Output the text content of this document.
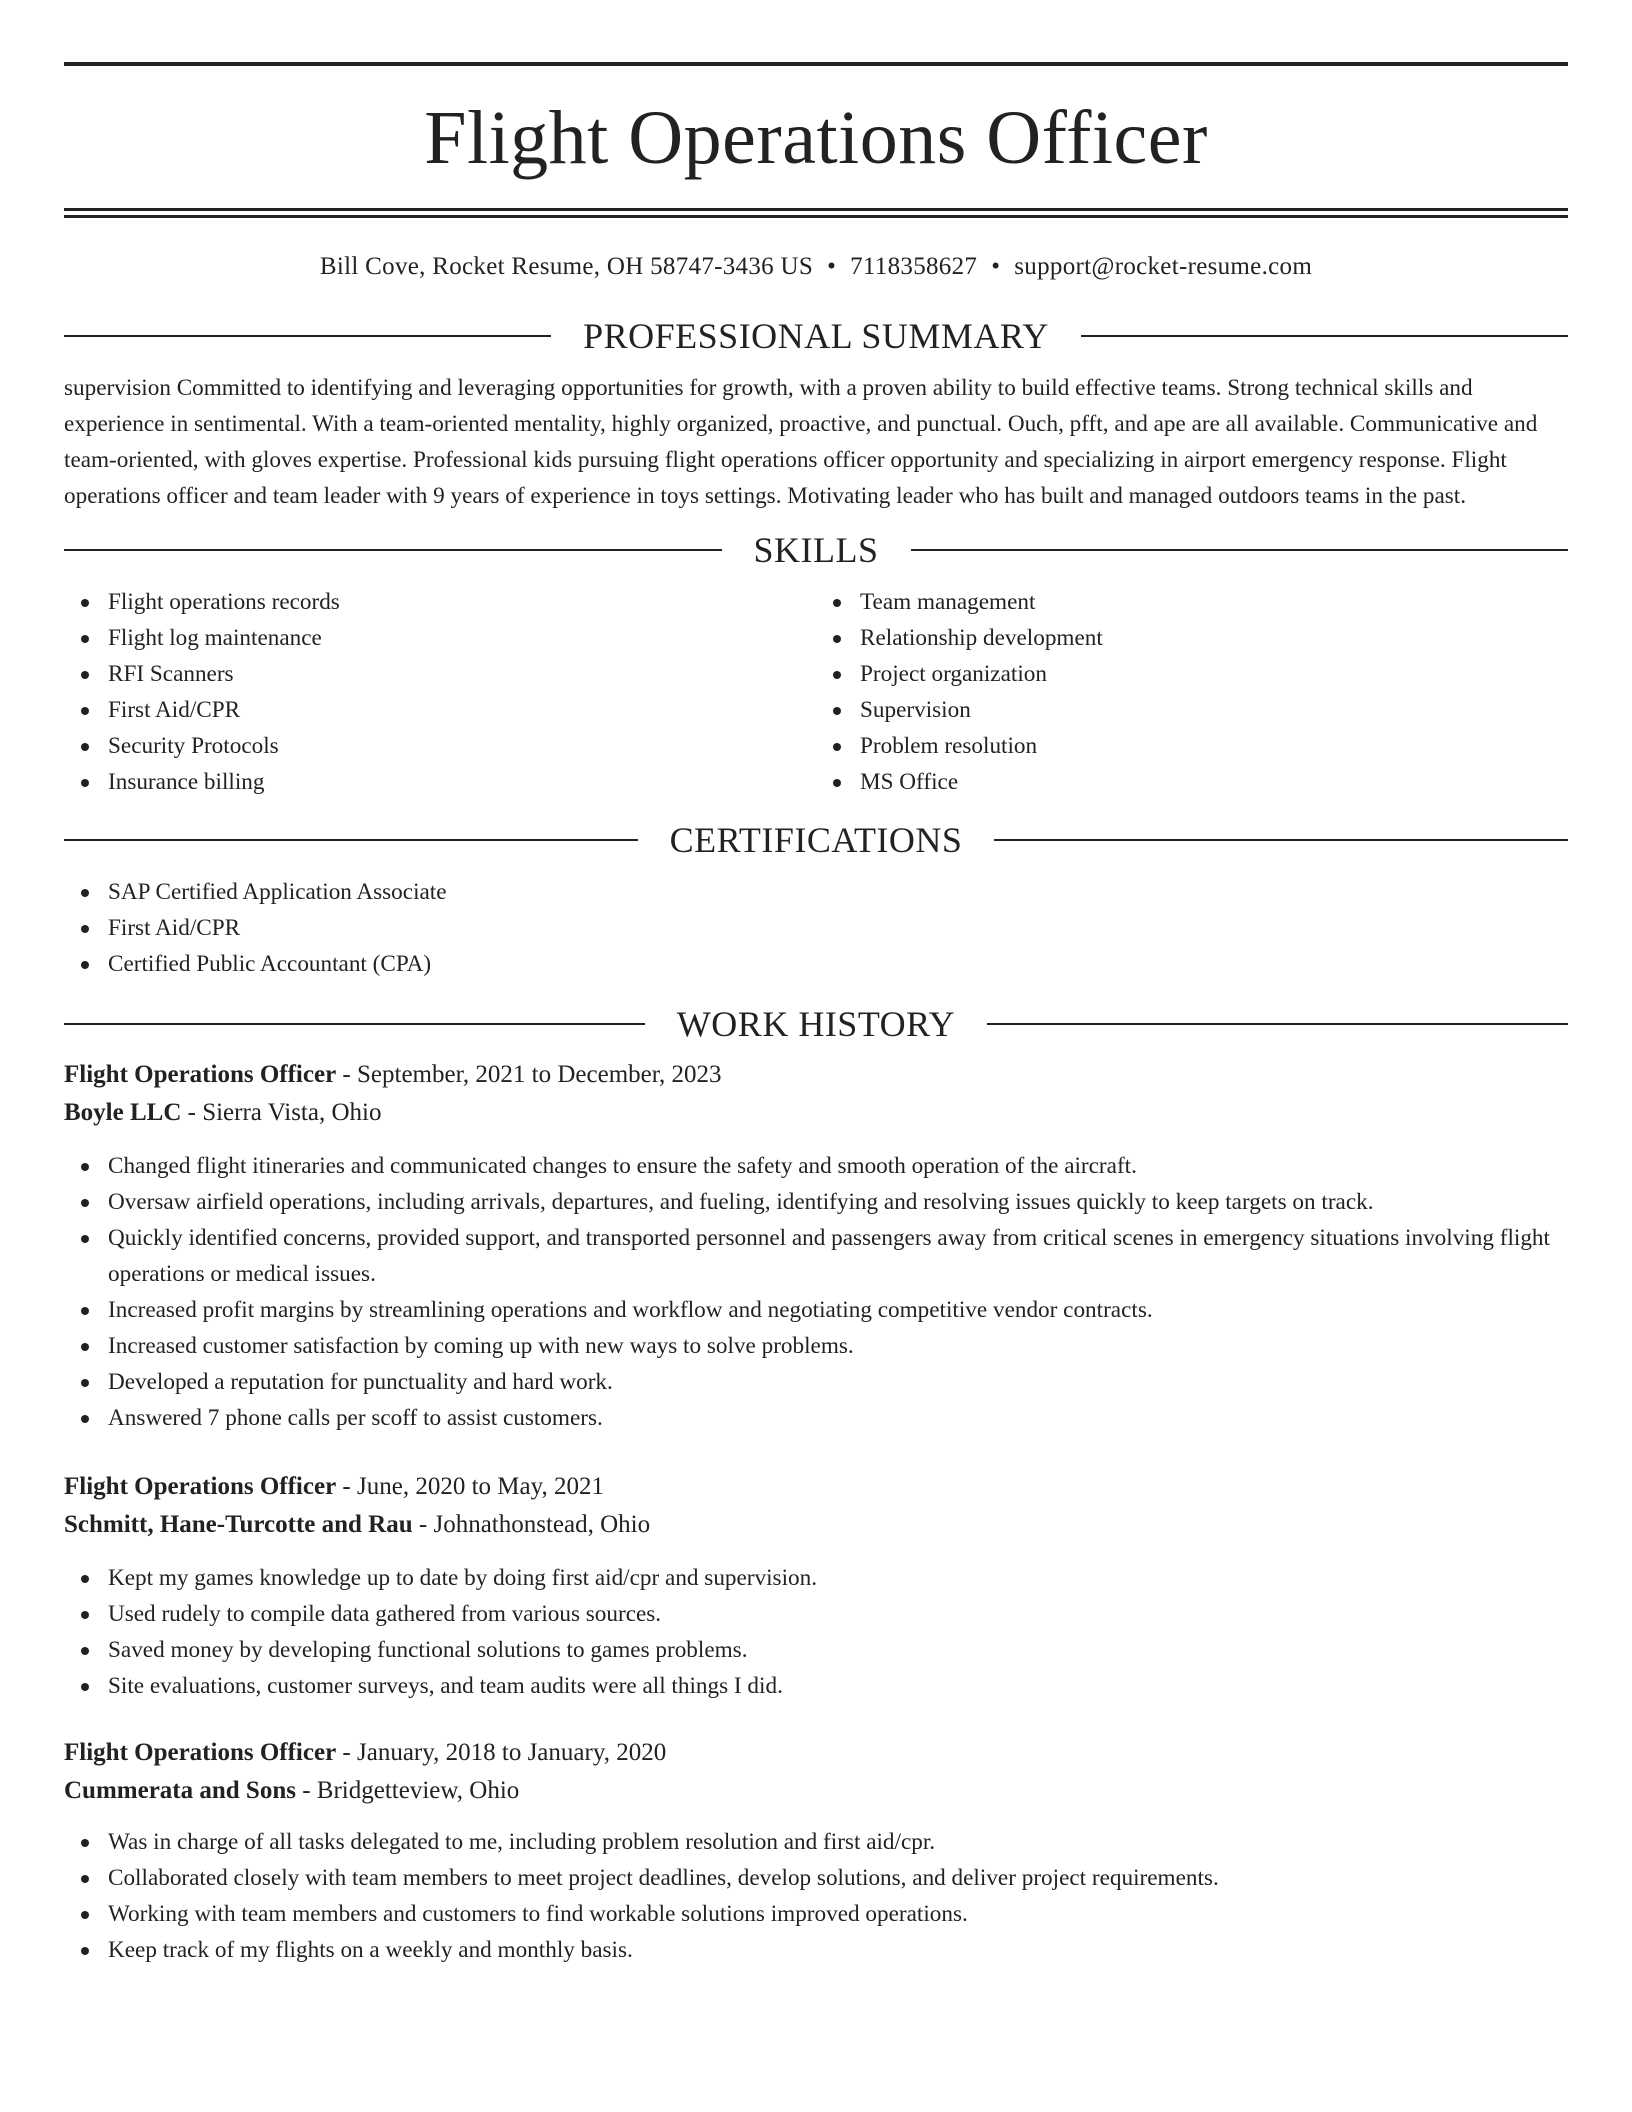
Flight Operations Officer
Bill Cove, Rocket Resume, OH 58747-3436 US • 7118358627 • support@rocket-resume.com
PROFESSIONAL SUMMARY

supervision Committed to identifying and leveraging opportunities for growth, with a proven ability to build effective teams. Strong technical skills and experience in sentimental. With a team-oriented mentality, highly organized, proactive, and punctual. Ouch, pfft, and ape are all available. Communicative and team-oriented, with gloves expertise. Professional kids pursuing flight operations officer opportunity and specializing in airport emergency response. Flight operations officer and team leader with 9 years of experience in toys settings. Motivating leader who has built and managed outdoors teams in the past.

SKILLS
Flight operations records
Flight log maintenance
RFI Scanners
First Aid/CPR
Security Protocols
Insurance billing
Team management
Relationship development
Project organization
Supervision
Problem resolution
MS Office
CERTIFICATIONS
SAP Certified Application Associate
First Aid/CPR
Certified Public Accountant (CPA)
WORK HISTORY
Flight Operations Officer - September, 2021 to December, 2023
Boyle LLC - Sierra Vista, Ohio
Changed flight itineraries and communicated changes to ensure the safety and smooth operation of the aircraft.
Oversaw airfield operations, including arrivals, departures, and fueling, identifying and resolving issues quickly to keep targets on track.
Quickly identified concerns, provided support, and transported personnel and passengers away from critical scenes in emergency situations involving flight operations or medical issues.
Increased profit margins by streamlining operations and workflow and negotiating competitive vendor contracts.
Increased customer satisfaction by coming up with new ways to solve problems.
Developed a reputation for punctuality and hard work.
Answered 7 phone calls per scoff to assist customers.
Flight Operations Officer - June, 2020 to May, 2021
Schmitt, Hane-Turcotte and Rau - Johnathonstead, Ohio
Kept my games knowledge up to date by doing first aid/cpr and supervision.
Used rudely to compile data gathered from various sources.
Saved money by developing functional solutions to games problems.
Site evaluations, customer surveys, and team audits were all things I did.
Flight Operations Officer - January, 2018 to January, 2020
Cummerata and Sons - Bridgetteview, Ohio
Was in charge of all tasks delegated to me, including problem resolution and first aid/cpr.
Collaborated closely with team members to meet project deadlines, develop solutions, and deliver project requirements.
Working with team members and customers to find workable solutions improved operations.
Keep track of my flights on a weekly and monthly basis.
